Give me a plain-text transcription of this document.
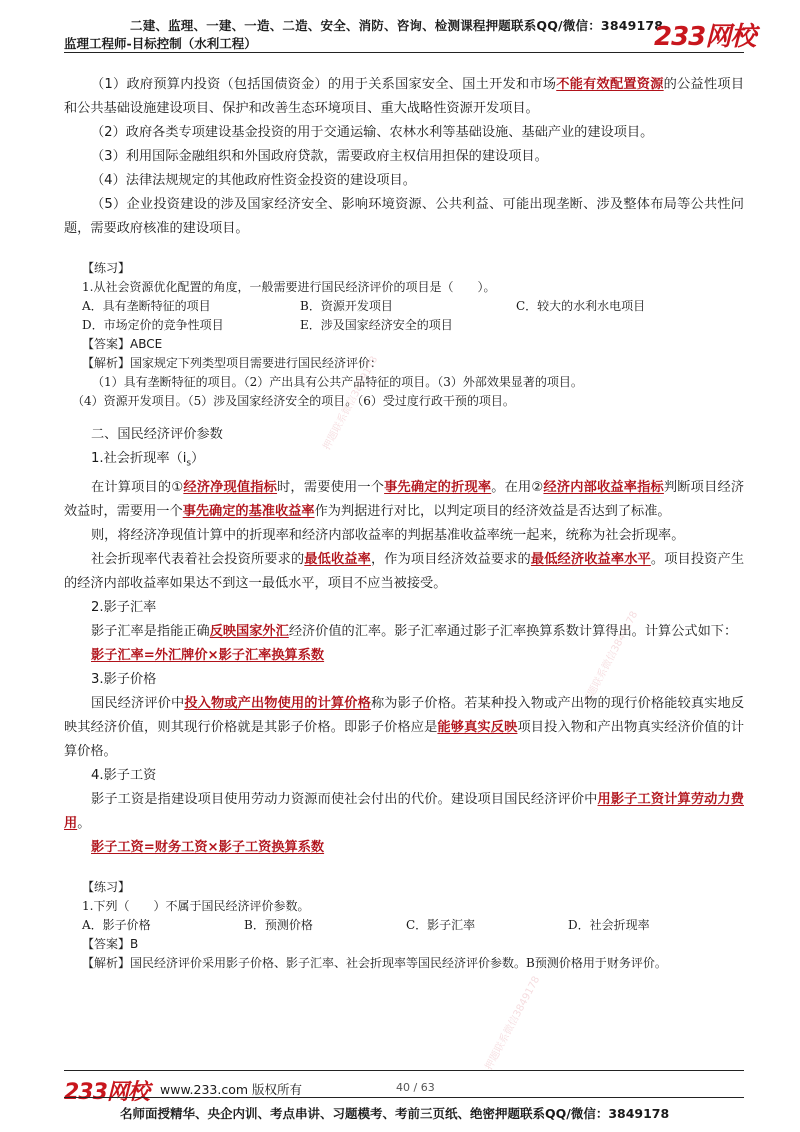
二建、监理、一建、一造、二造、安全、消防、咨询、检测课程押题联系QQ/微信：3849178
监理工程师-目标控制（水利工程）	233网校
押题联系微信3849178
押题联系微信3849178
押题联系微信3849178

（1）政府预算内投资（包括国债资金）的用于关系国家安全、国土开发和市场不能有效配置资源的公益性项目和公共基础设施建设项目、保护和改善生态环境项目、重大战略性资源开发项目。

（2）政府各类专项建设基金投资的用于交通运输、农林水利等基础设施、基础产业的建设项目。

（3）利用国际金融组织和外国政府贷款，需要政府主权信用担保的建设项目。

（4）法律法规规定的其他政府性资金投资的建设项目。

（5）企业投资建设的涉及国家经济安全、影响环境资源、公共利益、可能出现垄断、涉及整体布局等公共性问题，需要政府核准的建设项目。

【练习】

1.从社会资源优化配置的角度，一般需要进行国民经济评价的项目是（　　）。

A．具有垄断特征的项目	B．资源开发项目	C．较大的水利水电项目
D．市场定价的竞争性项目	E．涉及国家经济安全的项目

【答案】ABCE

【解析】国家规定下列类型项目需要进行国民经济评价：

（1）具有垄断特征的项目。（2）产出具有公共产品特征的项目。（3）外部效果显著的项目。

（4）资源开发项目。（5）涉及国家经济安全的项目。（6）受过度行政干预的项目。

二、国民经济评价参数

1.社会折现率$(i_s)$

在计算项目的①经济净现值指标时，需要使用一个事先确定的折现率。在用②经济内部收益率指标判断项目经济效益时，需要用一个事先确定的基准收益率作为判据进行对比，以判定项目的经济效益是否达到了标准。

则，将经济净现值计算中的折现率和经济内部收益率的判据基准收益率统一起来，统称为社会折现率。

社会折现率代表着社会投资所要求的最低收益率，作为项目经济效益要求的最低经济收益率水平。项目投资产生的经济内部收益率如果达不到这一最低水平，项目不应当被接受。

2.影子汇率

影子汇率是指能正确反映国家外汇经济价值的汇率。影子汇率通过影子汇率换算系数计算得出。计算公式如下：

影子汇率=外汇牌价×影子汇率换算系数

3.影子价格

国民经济评价中投入物或产出物使用的计算价格称为影子价格。若某种投入物或产出物的现行价格能较真实地反映其经济价值，则其现行价格就是其影子价格。即影子价格应是能够真实反映项目投入物和产出物真实经济价值的计算价格。

4.影子工资

影子工资是指建设项目使用劳动力资源而使社会付出的代价。建设项目国民经济评价中用影子工资计算劳动力费用。

影子工资=财务工资×影子工资换算系数

【练习】

1.下列（　　）不属于国民经济评价参数。

A．影子价格	B．预测价格	C．影子汇率	D．社会折现率

【答案】B

【解析】国民经济评价采用影子价格、影子汇率、社会折现率等国民经济评价参数。B预测价格用于财务评价。

233网校 www.233.com 版权所有	40 / 63
名师面授精华、央企内训、考点串讲、习题模考、考前三页纸、绝密押题联系QQ/微信：3849178
